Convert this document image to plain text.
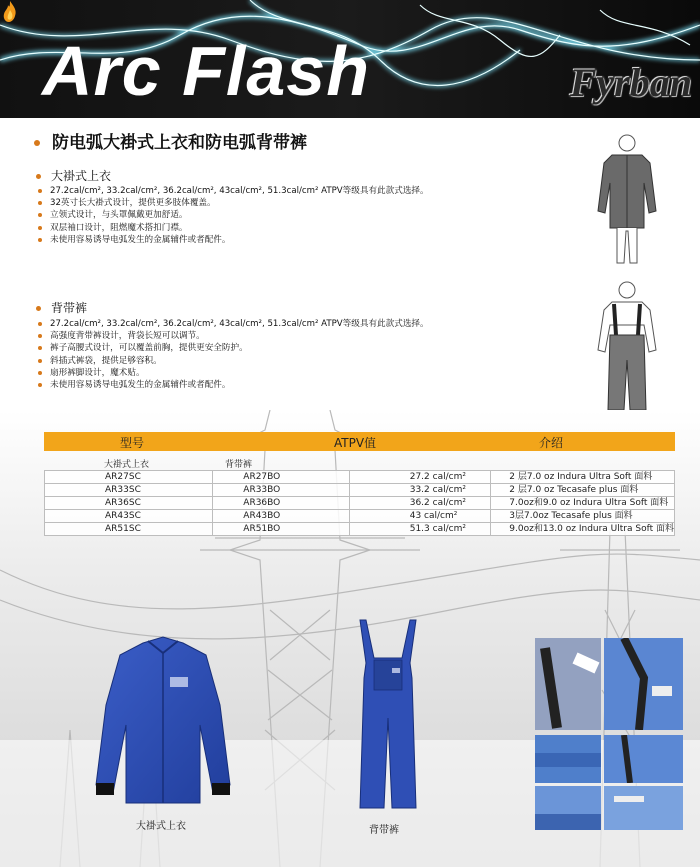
Arc Flash	Fyrban
防电弧大褂式上衣和防电弧背带裤
大褂式上衣
27.2cal/cm², 33.2cal/cm², 36.2cal/cm², 43cal/cm², 51.3cal/cm² ATPV等级具有此款式选择。
32英寸长大褂式设计，提供更多肢体覆盖。
立领式设计，与头罩佩戴更加舒适。
双层袖口设计，阻燃魔术搭扣门襟。
未使用容易诱导电弧发生的金属辅件或者配件。
背带裤
27.2cal/cm², 33.2cal/cm², 36.2cal/cm², 43cal/cm², 51.3cal/cm² ATPV等级具有此款式选择。
高强度背带裤设计，背袋长短可以调节。
裤子高腰式设计，可以覆盖前胸，提供更安全防护。
斜插式裤袋，提供足够容积。
扇形裤脚设计，魔术贴。
未使用容易诱导电弧发生的金属辅件或者配件。
型号	ATPV值	介绍
大褂式上衣	背带裤
AR27SC	AR27BO	27.2 cal/cm²	2 层7.0 oz Indura Ultra Soft 面料
AR33SC	AR33BO	33.2 cal/cm²	2 层7.0 oz Tecasafe plus 面料
AR36SC	AR36BO	36.2 cal/cm²	7.0oz和9.0 oz Indura Ultra Soft 面料
AR43SC	AR43BO	43 cal/cm²	3层7.0oz Tecasafe plus 面料
AR51SC	AR51BO	51.3 cal/cm²	9.0oz和13.0 oz Indura Ultra Soft 面料
大褂式上衣	背带裤
